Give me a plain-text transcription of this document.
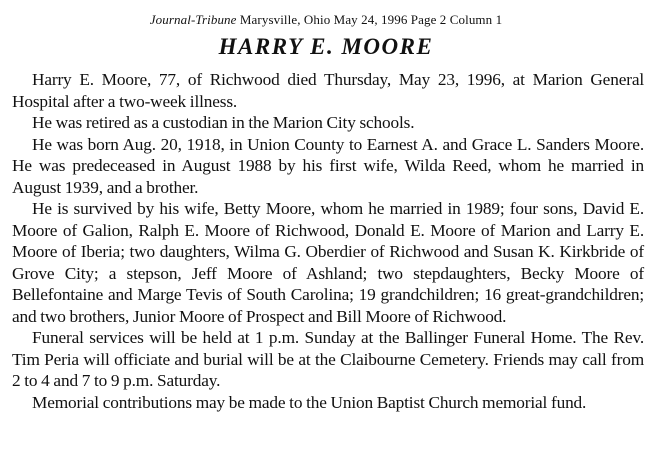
Journal-Tribune Marysville, Ohio May 24, 1996 Page 2 Column 1
HARRY E. MOORE

Harry E. Moore, 77, of Richwood died Thursday, May 23, 1996, at Marion General Hospital after a two-week illness.

He was retired as a custodian in the Marion City schools.

He was born Aug. 20, 1918, in Union County to Earnest A. and Grace L. Sanders Moore. He was predeceased in August 1988 by his first wife, Wilda Reed, whom he married in August 1939, and a brother.

He is survived by his wife, Betty Moore, whom he married in 1989; four sons, David E. Moore of Galion, Ralph E. Moore of Richwood, Donald E. Moore of Marion and Larry E. Moore of Iberia; two daughters, Wilma G. Oberdier of Richwood and Susan K. Kirkbride of Grove City; a stepson, Jeff Moore of Ashland; two stepdaughters, Becky Moore of Bellefontaine and Marge Tevis of South Carolina; 19 grandchildren; 16 great-grandchildren; and two brothers, Junior Moore of Prospect and Bill Moore of Richwood.

Funeral services will be held at 1 p.m. Sunday at the Ballinger Funeral Home. The Rev. Tim Peria will officiate and burial will be at the Claibourne Cemetery. Friends may call from 2 to 4 and 7 to 9 p.m. Saturday.

Memorial contributions may be made to the Union Baptist Church memorial fund.
